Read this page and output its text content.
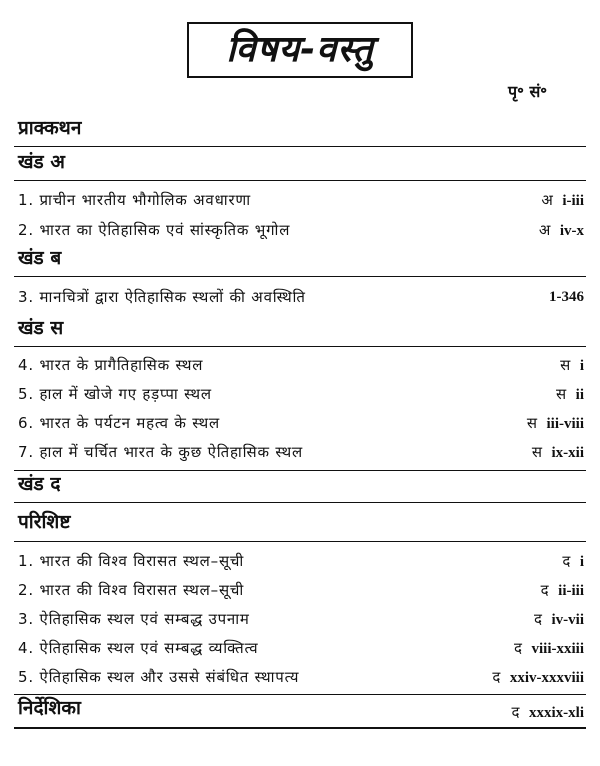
विषय-वस्तु
पृ॰ सं॰
प्राक्कथन
खंड अ
1. प्राचीन भारतीय भौगोलिक अवधारणा	अ i-iii
2. भारत का ऐतिहासिक एवं सांस्कृतिक भूगोल	अ iv-x
खंड ब
3. मानचित्रों द्वारा ऐतिहासिक स्थलों की अवस्थिति	1-346
खंड स
4. भारत के प्रागैतिहासिक स्थल	स i
5. हाल में खोजे गए हड़प्पा स्थल	स ii
6. भारत के पर्यटन महत्व के स्थल	स iii-viii
7. हाल में चर्चित भारत के कुछ ऐतिहासिक स्थल	स ix-xii
खंड द
परिशिष्ट
1. भारत की विश्व विरासत स्थल–सूची	द i
2. भारत की विश्व विरासत स्थल–सूची	द ii-iii
3. ऐतिहासिक स्थल एवं सम्बद्ध उपनाम	द iv-vii
4. ऐतिहासिक स्थल एवं सम्बद्ध व्यक्तित्व	द viii-xxiii
5. ऐतिहासिक स्थल और उससे संबंधित स्थापत्य	द xxiv-xxxviii
निर्देशिका	द xxxix-xli
